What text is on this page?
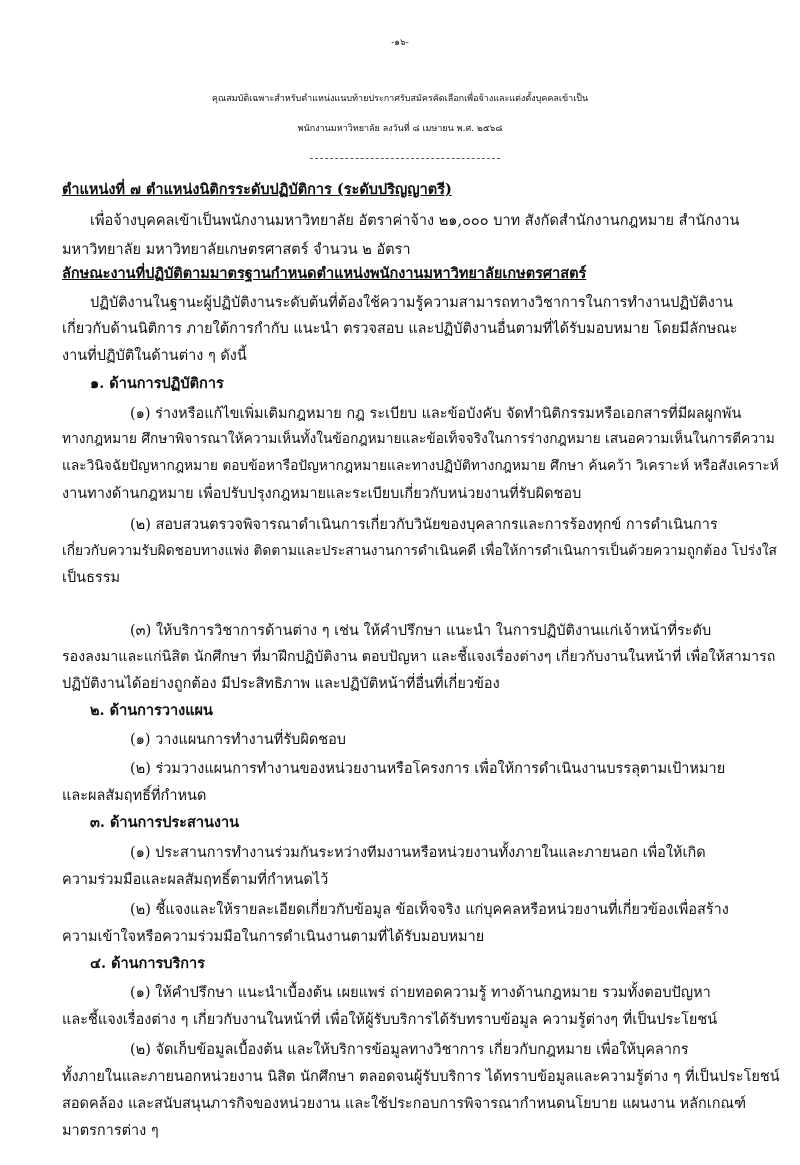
-๑๖-
คุณสมบัติเฉพาะสำหรับตำแหน่งแนบท้ายประกาศรับสมัครคัดเลือกเพื่อจ้างและแต่งตั้งบุคคลเข้าเป็น
พนักงานมหาวิทยาลัย ลงวันที่ ๘ เมษายน พ.ศ. ๒๕๖๘
ตำแหน่งที่ ๗ ตำแหน่งนิติกรระดับปฏิบัติการ (ระดับปริญญาตรี)
เพื่อจ้างบุคคลเข้าเป็นพนักงานมหาวิทยาลัย อัตราค่าจ้าง ๒๑,๐๐๐ บาท สังกัดสำนักงานกฎหมาย สำนักงาน
มหาวิทยาลัย มหาวิทยาลัยเกษตรศาสตร์ จำนวน ๒ อัตรา
ลักษณะงานที่ปฏิบัติตามมาตรฐานกำหนดตำแหน่งพนักงานมหาวิทยาลัยเกษตรศาสตร์
ปฏิบัติงานในฐานะผู้ปฏิบัติงานระดับต้นที่ต้องใช้ความรู้ความสามารถทางวิชาการในการทำงานปฏิบัติงาน
เกี่ยวกับด้านนิติการ ภายใต้การกำกับ แนะนำ ตรวจสอบ และปฏิบัติงานอื่นตามที่ได้รับมอบหมาย โดยมีลักษณะ
งานที่ปฏิบัติในด้านต่าง ๆ ดังนี้
๑. ด้านการปฏิบัติการ
(๑) ร่างหรือแก้ไขเพิ่มเติมกฎหมาย กฎ ระเบียบ และข้อบังคับ จัดทำนิติกรรมหรือเอกสารที่มีผลผูกพัน
ทางกฎหมาย ศึกษาพิจารณาให้ความเห็นทั้งในข้อกฎหมายและข้อเท็จจริงในการร่างกฎหมาย เสนอความเห็นในการตีความ
และวินิจฉัยปัญหากฎหมาย ตอบข้อหารือปัญหากฎหมายและทางปฏิบัติทางกฎหมาย ศึกษา ค้นคว้า วิเคราะห์ หรือสังเคราะห์
งานทางด้านกฎหมาย เพื่อปรับปรุงกฎหมายและระเบียบเกี่ยวกับหน่วยงานที่รับผิดชอบ
(๒) สอบสวนตรวจพิจารณาดำเนินการเกี่ยวกับวินัยของบุคลากรและการร้องทุกข์ การดำเนินการ
เกี่ยวกับความรับผิดชอบทางแพ่ง ติดตามและประสานงานการดำเนินคดี เพื่อให้การดำเนินการเป็นด้วยความถูกต้อง โปร่งใส
เป็นธรรม
(๓) ให้บริการวิชาการด้านต่าง ๆ เช่น ให้คำปรึกษา แนะนำ ในการปฏิบัติงานแก่เจ้าหน้าที่ระดับ
รองลงมาและแก่นิสิต นักศึกษา ที่มาฝึกปฏิบัติงาน ตอบปัญหา และชี้แจงเรื่องต่างๆ เกี่ยวกับงานในหน้าที่ เพื่อให้สามารถ
ปฏิบัติงานได้อย่างถูกต้อง มีประสิทธิภาพ และปฏิบัติหน้าที่อื่นที่เกี่ยวข้อง
๒. ด้านการวางแผน
(๑) วางแผนการทำงานที่รับผิดชอบ
(๒) ร่วมวางแผนการทำงานของหน่วยงานหรือโครงการ เพื่อให้การดำเนินงานบรรลุตามเป้าหมาย
และผลสัมฤทธิ์ที่กำหนด
๓. ด้านการประสานงาน
(๑) ประสานการทำงานร่วมกันระหว่างทีมงานหรือหน่วยงานทั้งภายในและภายนอก เพื่อให้เกิด
ความร่วมมือและผลสัมฤทธิ์ตามที่กำหนดไว้
(๒) ชี้แจงและให้รายละเอียดเกี่ยวกับข้อมูล ข้อเท็จจริง แก่บุคคลหรือหน่วยงานที่เกี่ยวข้องเพื่อสร้าง
ความเข้าใจหรือความร่วมมือในการดำเนินงานตามที่ได้รับมอบหมาย
๔. ด้านการบริการ
(๑) ให้คำปรึกษา แนะนำเบื้องต้น เผยแพร่ ถ่ายทอดความรู้ ทางด้านกฎหมาย รวมทั้งตอบปัญหา
และชี้แจงเรื่องต่าง ๆ เกี่ยวกับงานในหน้าที่ เพื่อให้ผู้รับบริการได้รับทราบข้อมูล ความรู้ต่างๆ ที่เป็นประโยชน์
(๒) จัดเก็บข้อมูลเบื้องต้น และให้บริการข้อมูลทางวิชาการ เกี่ยวกับกฎหมาย เพื่อให้บุคลากร
ทั้งภายในและภายนอกหน่วยงาน นิสิต นักศึกษา ตลอดจนผู้รับบริการ ได้ทราบข้อมูลและความรู้ต่าง ๆ ที่เป็นประโยชน์
สอดคล้อง และสนับสนุนภารกิจของหน่วยงาน และใช้ประกอบการพิจารณากำหนดนโยบาย แผนงาน หลักเกณฑ์
มาตรการต่าง ๆ
